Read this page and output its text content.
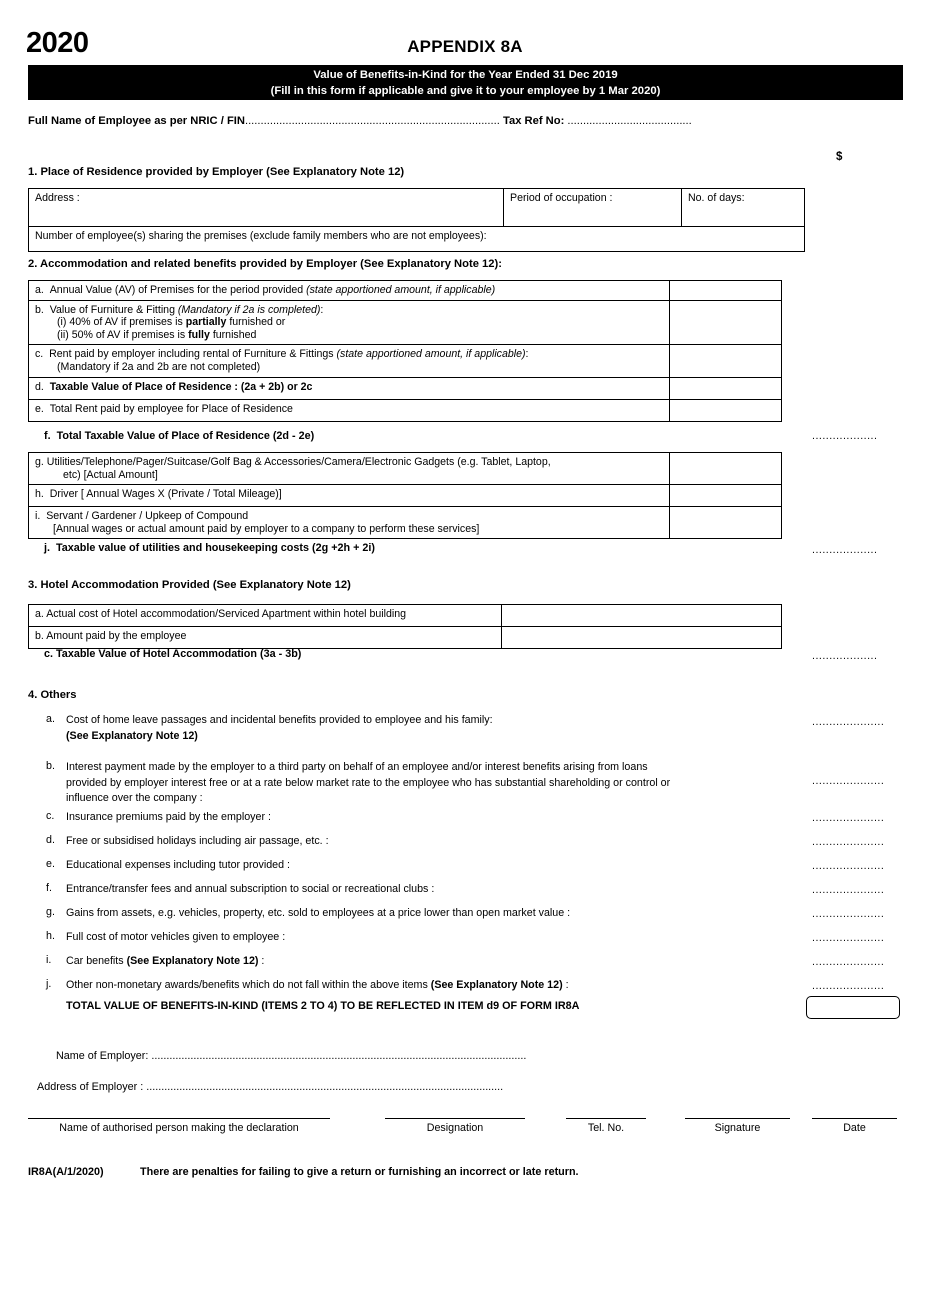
2020	APPENDIX 8A
Value of Benefits-in-Kind for the Year Ended 31 Dec 2019
(Fill in this form if applicable and give it to your employee by 1 Mar 2020)
Full Name of Employee as per NRIC / FIN.................................................................................. Tax Ref No: ........................................
$
1. Place of Residence provided by Employer (See Explanatory Note 12)
Address :	Period of occupation :	No. of days:
Number of employee(s) sharing the premises (exclude family members who are not employees):
2. Accommodation and related benefits provided by Employer (See Explanatory Note 12):
a. Annual Value (AV) of Premises for the period provided (state apportioned amount, if applicable)	

b. Value of Furniture & Fitting (Mandatory if 2a is completed):
(i) 40% of AV if premises is partially furnished or
(ii) 50% of AV if premises is fully furnished	

c. Rent paid by employer including rental of Furniture & Fittings (state apportioned amount, if applicable):
(Mandatory if 2a and 2b are not completed)	

d. Taxable Value of Place of Residence : (2a + 2b) or 2c	

e. Total Rent paid by employee for Place of Residence	

f. Total Taxable Value of Place of Residence (2d - 2e)	...................
g. Utilities/Telephone/Pager/Suitcase/Golf Bag & Accessories/Camera/Electronic Gadgets (e.g. Tablet, Laptop,
etc) [Actual Amount]	

h. Driver [ Annual Wages X (Private / Total Mileage)]	

i. Servant / Gardener / Upkeep of Compound
[Annual wages or actual amount paid by employer to a company to perform these services]	

j. Taxable value of utilities and housekeeping costs (2g +2h + 2i)	...................
3. Hotel Accommodation Provided (See Explanatory Note 12)
a. Actual cost of Hotel accommodation/Serviced Apartment within hotel building	
b. Amount paid by the employee	
c. Taxable Value of Hotel Accommodation (3a - 3b)	...................
4. Others
a. Cost of home leave passages and incidental benefits provided to employee and his family:
(See Explanatory Note 12)
.....................
b. Interest payment made by the employer to a third party on behalf of an employee and/or interest benefits arising from loans
provided by employer interest free or at a rate below market rate to the employee who has substantial shareholding or control or
influence over the company :
.....................
c. Insurance premiums paid by the employer :	.....................
d. Free or subsidised holidays including air passage, etc. :	.....................
e. Educational expenses including tutor provided :	.....................
f. Entrance/transfer fees and annual subscription to social or recreational clubs :	.....................
g. Gains from assets, e.g. vehicles, property, etc. sold to employees at a price lower than open market value :	.....................
h. Full cost of motor vehicles given to employee :	.....................
i. Car benefits (See Explanatory Note 12) :	.....................
j. Other non-monetary awards/benefits which do not fall within the above items (See Explanatory Note 12) :	.....................
TOTAL VALUE OF BENEFITS-IN-KIND (ITEMS 2 TO 4) TO BE REFLECTED IN ITEM d9 OF FORM IR8A
Name of Employer: .............................................................................................................................
Address of Employer : .......................................................................................................................
Name of authorised person making the declaration	Designation	Tel. No.	Signature	Date
IR8A(A/1/2020)	There are penalties for failing to give a return or furnishing an incorrect or late return.
